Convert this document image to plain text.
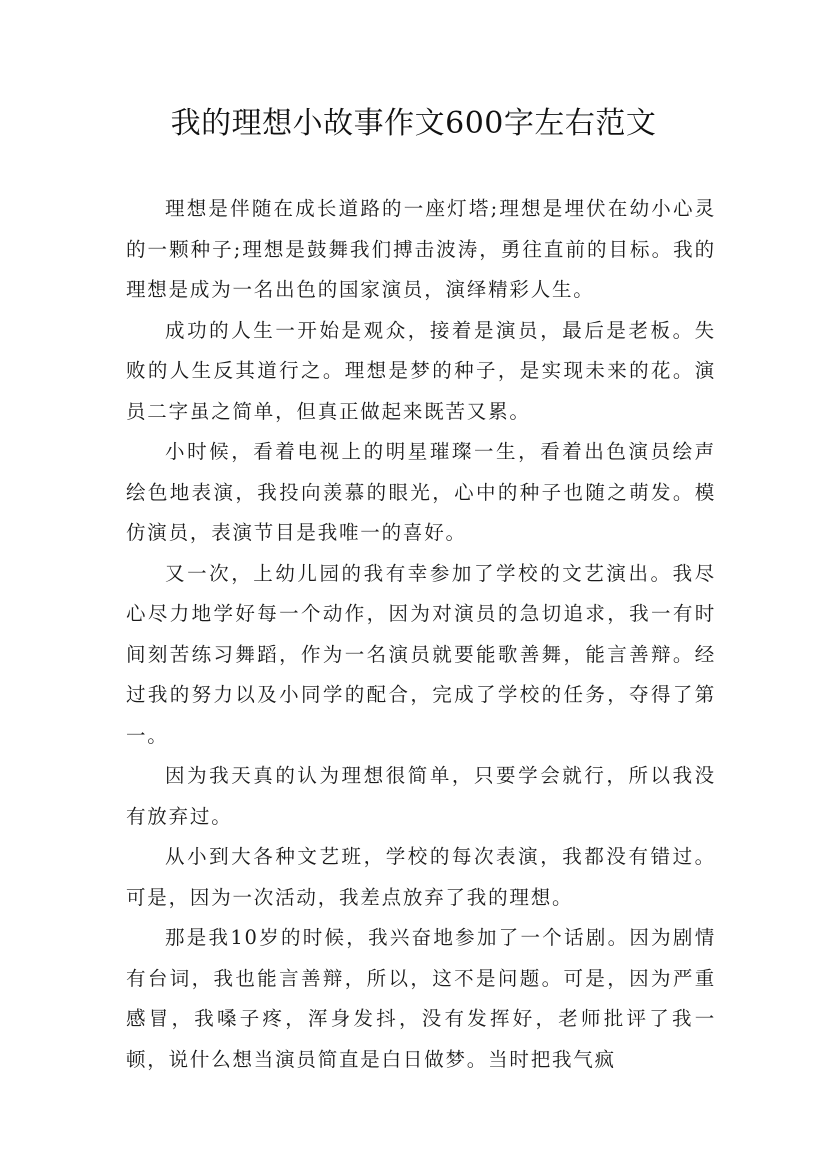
我的理想小故事作文600字左右范文

理想是伴随在成长道路的一座灯塔;理想是埋伏在幼小心灵的一颗种子;理想是鼓舞我们搏击波涛，勇往直前的目标。我的理想是成为一名出色的国家演员，演绎精彩人生。

成功的人生一开始是观众，接着是演员，最后是老板。失败的人生反其道行之。理想是梦的种子，是实现未来的花。演员二字虽之简单，但真正做起来既苦又累。

小时候，看着电视上的明星璀璨一生，看着出色演员绘声绘色地表演，我投向羡慕的眼光，心中的种子也随之萌发。模仿演员，表演节目是我唯一的喜好。

又一次，上幼儿园的我有幸参加了学校的文艺演出。我尽心尽力地学好每一个动作，因为对演员的急切追求，我一有时间刻苦练习舞蹈，作为一名演员就要能歌善舞，能言善辩。经过我的努力以及小同学的配合，完成了学校的任务，夺得了第一。

因为我天真的认为理想很简单，只要学会就行，所以我没有放弃过。

从小到大各种文艺班，学校的每次表演，我都没有错过。可是，因为一次活动，我差点放弃了我的理想。

那是我10岁的时候，我兴奋地参加了一个话剧。因为剧情有台词，我也能言善辩，所以，这不是问题。可是，因为严重感冒，我嗓子疼，浑身发抖，没有发挥好，老师批评了我一顿，说什么想当演员简直是白日做梦。当时把我气疯
